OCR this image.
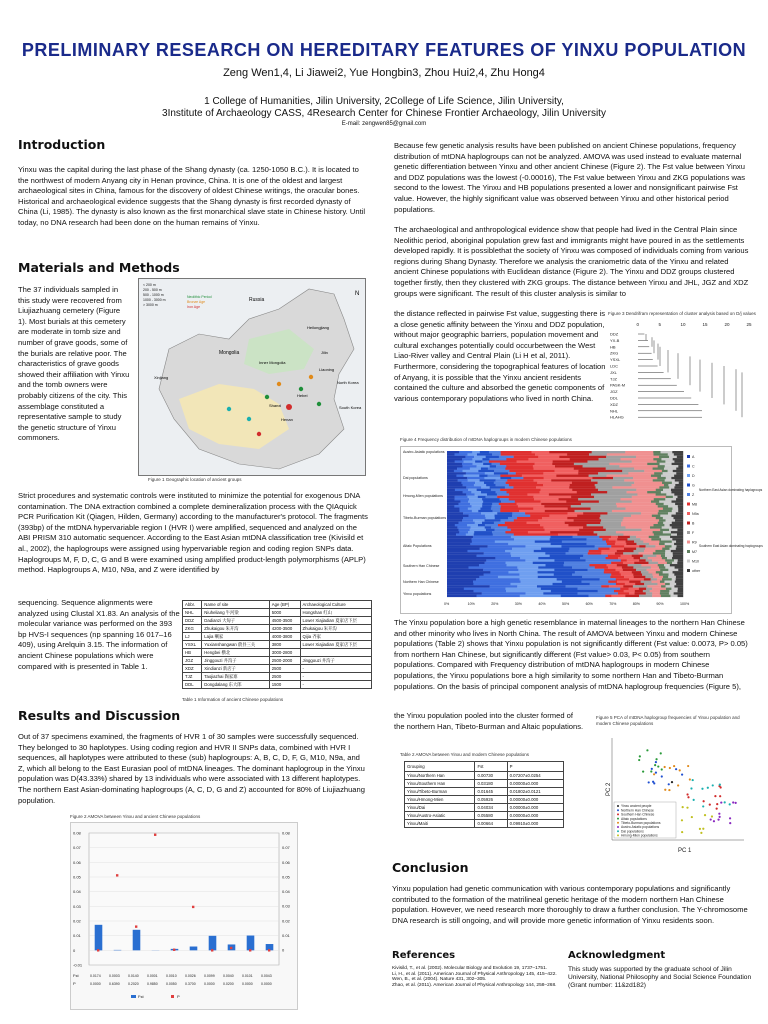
PRELIMINARY RESEARCH ON HEREDITARY FEATURES OF YINXU POPULATION
Zeng Wen1,4, Li Jiawei2, Yue Hongbin3, Zhou Hui2,4, Zhu Hong4
1 College of Humanities, Jilin University, 2College of Life Science, Jilin University,
3Institute of Archaeology CASS, 4Research Center for Chinese Frontier Archaeology, Jilin University
E-mail: zengwen85@gmail.com
Introduction

Yinxu was the capital during the last phase of the Shang dynasty (ca. 1250-1050 B.C.). It is located to the northwest of modern Anyang city in Henan province, China. It is one of the oldest and largest archaeological sites in China, famous for the discovery of oldest Chinese writings, the oracular bones. Historical and archaeological evidence suggests that the Shang dynasty is first recorded dynasty of China (Li, 1985). The dynasty is also known as the first monarchical slave state in Chinese history. Until today, no DNA research had been done on the human remains of Yinxu.

Materials and Methods

The 37 individuals sampled in this study were recovered from Liujiazhuang cemetery (Figure 1). Most burials at this cemetery are moderate in tomb size and number of grave goods, some of the burials are relative poor. The characteristics of grave goods showed their affiliation with Yinxu and the tomb owners were probably citizens of the city. This assemblage constituted a representative sample to study the genetic structure of Yinxu commoners.

N
Russia
Mongolia
Heilongjiang
Jilin
Liaoning
Xinjiang
Inner Mongolia
Hebei
Shanxi
Henan
North Korea
South Korea
< 200 m
200 - 500 m
500 - 1000 m
1000 - 3000 m
> 3000 m
Neolithic Period
Bronze Age
Iron Age
Figure 1 Geographic location of ancient groups

Strict procedures and systematic controls were instituted to minimize the potential for exogenous DNA contamination. The DNA extraction combined a complete demineralization process with the QIAquick PCR Purification Kit (Qiagen, Hilden, Germany) according to the manufacturer's protocol. The fragments (393bp) of the mtDNA hypervariable region I (HVR I) were amplified, sequenced and analyzed on the ABI PRISM 310 automatic sequencer. According to the East Asian mtDNA classification tree (Kivisild et al., 2002), the haplogroups were assigned using hypervariable region and coding region SNPs data. Haplogroups M, F, D, C, G and B were examined using amplified product-length polymorphisms (APLP) method. Haplogroups A, M10, N9a, and Z were identified by

sequencing. Sequence alignments were analyzed using Clustal X1.83. An analysis of the molecular variance was performed on the 393 bp HVS-I sequences (np spanning 16 017–16 409), using Arelquin 3.15. The information of ancient Chinese populations which were compared with is presented in Table 1.

Abbr.	Name of site	Age (BP)	Archaeological Culture
NHL	Niuheliang 牛河梁	5000	Hongshan 红山
DDZ	Dadianzi 大甸子	4500-3500	Lower Xiajiadian 夏家店下层
ZKG	Zhukaigou 朱开沟	4200-3500	Zhukaigou 朱开沟
LJ	Lajia 喇家	4000-3800	Qijia 齐家
YSXL	Yuxianshangwan 蔚县三关	3800	Lower Xiajiadian 夏家店下层
HB	Hengbei 横北	3000-2800	
JGZ	Jinggouzi 井沟子	2500-2000	Jinggouzi 井沟子
XDZ	Xindianzi 新店子	2500	-
TJZ	Taojiazhai 陶家寨	2500	-
DDL	Dongdalang 东大郎	1500	-
Table 1 Information of ancient Chinese populations
Results and Discussion

Out of 37 specimens examined, the fragments of HVR 1 of 30 samples were successfully sequenced. They belonged to 30 haplotypes. Using coding region and HVR II SNPs data, combined with HVR I sequences, all haplotypes were attributed to these (sub) haplogroups: A, B, C, D, F, G, M10, N9a, and Z, which all belong to the East Eurasian pool of mtDNA lineages. The dominant haplogroup in the Yinxu population was D(43.33%) shared by 13 individuals who were associated with 13 different haplotypes. The northern East Asian-dominating haplogroups (A, C, D, G and Z) accounted for 80% of Liujiazhuang population.

Figure 2 AMOVA between Yinxu and ancient Chinese populations
0.08
0.07
0.06
0.05
0.04
0.03
0.02
0.01
0
-0.01
0.08
0.07
0.06
0.05
0.04
0.03
0.02
0.01
0
Fst
P
0.0174
0.0000
0.0003
0.6390
0.0140
0.2020
0.0001
0.9850
0.0010
0.0050
0.0026
0.3700
0.0099
0.0000
0.0040
0.0200
0.0101
0.0000
0.0043
0.0000
Fst	P

Because few genetic analysis results have been published on ancient Chinese populations, frequency distribution of mtDNA haplogroups can not be analyzed. AMOVA was used instead to evaluate maternal genetic differentiation between Yinxu and other ancient Chinese (Figure 2). The Fst value between Yinxu and DDZ populations was the lowest (-0.00016), The Fst value between Yinxu and ZKG populations was second to the lowest. The Yinxu and HB populations presented a lower and nonsignificant pairwise Fst value. However, the highly significant value was observed between Yinxu and other historical period populations.

The archaeological and anthropological evidence show that people had lived in the Central Plain since Neolithic period, aboriginal population grew fast and immigrants might have poured in as the settlements developed rapidly. It is possiblethat the society of Yinxu was composed of individuals coming from various regions during Shang Dynasty. Therefore we analysis the craniometric data of the Yinxu and related ancient Chinese populations with Euclidean distance (Figure 2). The Yinxu and DDZ groups clustered together firstly, then they clustered with ZKG groups. The distance between Yinxu and JHL, JGZ and XDZ groups were significant. The result of this cluster analysis is similar to

the distance reflected in pairwise Fst value, suggesting there is a close genetic affinity between the Yinxu and DDZ population, without major geographic barriers, population movement and cultural exchanges potentially could occurbetween the West Liao-River valley and Central Plain (Li H et al, 2011). Furthermore, considering the topographical features of location of Anyang, it is possible that the Yinxu ancient residents contained the culture and absorbed the genetic components of various contemporary populations who lived in north China.

Figure 3 Dendrifram representation of cluster analysis based on D/j values
0	5	10	15	20	25
DDZ
YX-B
HB
ZKG
YSXL
LDC
JXL
TJZ
PASK-M
JGZ
DDL
XDZ
NHL
HLAHG
Figure 4 Frequency distribution of mtDNA haplogroups in modern Chinese populations
Austro-Asiatic populations
Dai populations
Hmong-Mien populations
Tibeto-Burman populations
Altaic Populations
Southern Han Chinese
Northern Han Chinese
Yinxu populations
0%	10%	20%	30%	40%	50%	60%	70%	80%	90%	100%
A
C
D
G
Z
M8
N9a
B
F
R9
M7
M10
other
Northern East Asian dominating haplogroups
Southern East Asian dominating haplogroups

The Yinxu population bore a high genetic resemblance in maternal lineages to the northern Han Chinese and other minority who lives in North China. The result of AMOVA between Yinxu and modern Chinese populations (Table 2) shows that Yinxu population is not significantly different (Fst value: 0.0073, P> 0.05) from northern Han Chinese, but significantly different (Fst value> 0.03, P< 0.05) from southern populations. Compared with Frequency distribution of mtDNA haplogroups in modern Chinese populations, the Yinxu populations bore a high similarity to some northern Han and Tibeto-Burman populations. On the basis of principal component analysis of mtDNA haplogroup frequencies (Figure 5),

the Yinxu population pooled into the cluster formed of the northern Han, Tibeto-Burman and Altaic populations.

Figure 5 PCA of mtDNA haplogroup frequencies of Yinxu population and modern Chinese populations
PC 1
PC 2
Yinxu ancient people
Northern Han Chinese
Southern Han Chinese
Altaic populations
Tibeto-Burman populations
Austro-Asiatic populations
Dai populations
Hmong-Mien populations
Table 2 AMOVA between Yinxu and modern Chinese populations
Grouping	Fst	P
Yinxu/Northern Han	0.00730	0.07207±0.0254
Yinxu/Southern Han	0.03180	0.00000±0.000
Yinxu/Tibeto-Burman	0.01645	0.01802±0.0121
Yinxu/Hmong-Mien	0.05926	0.00000±0.000
Yinxu/Dai	0.04034	0.00000±0.000
Yinxu/Austro-Asiatic	0.05580	0.00000±0.000
Yinxu/Maiti	0.00664	0.09910±0.000
Conclusion

Yinxu population had genetic communication with various contemporary populations and significantly contributed to the formation of the matrilineal genetic heritage of the modern northern Han Chinese population. However, we need research more thoroughly to draw a further conclusion. The Y-chromosome DNA research is still ongoing, and will provide more genetic information of Yinxu residents soon.

References
Kivisild, T., et al. (2002). Molecular Biology and Evolution 19, 1737–1751.
Li, H., et al. (2011). American Journal of Physical Anthropology 145, 415–422.
Wen, B., et al. (2004). Nature 431, 302–305.
Zhao, et al. (2011). American Journal of Physical Anthropology 144, 258–268.
Acknowledgment

This study was supported by the graduate school of Jilin University, National Philosophy and Social Science Foundation (Grant number: 11&zd182)
